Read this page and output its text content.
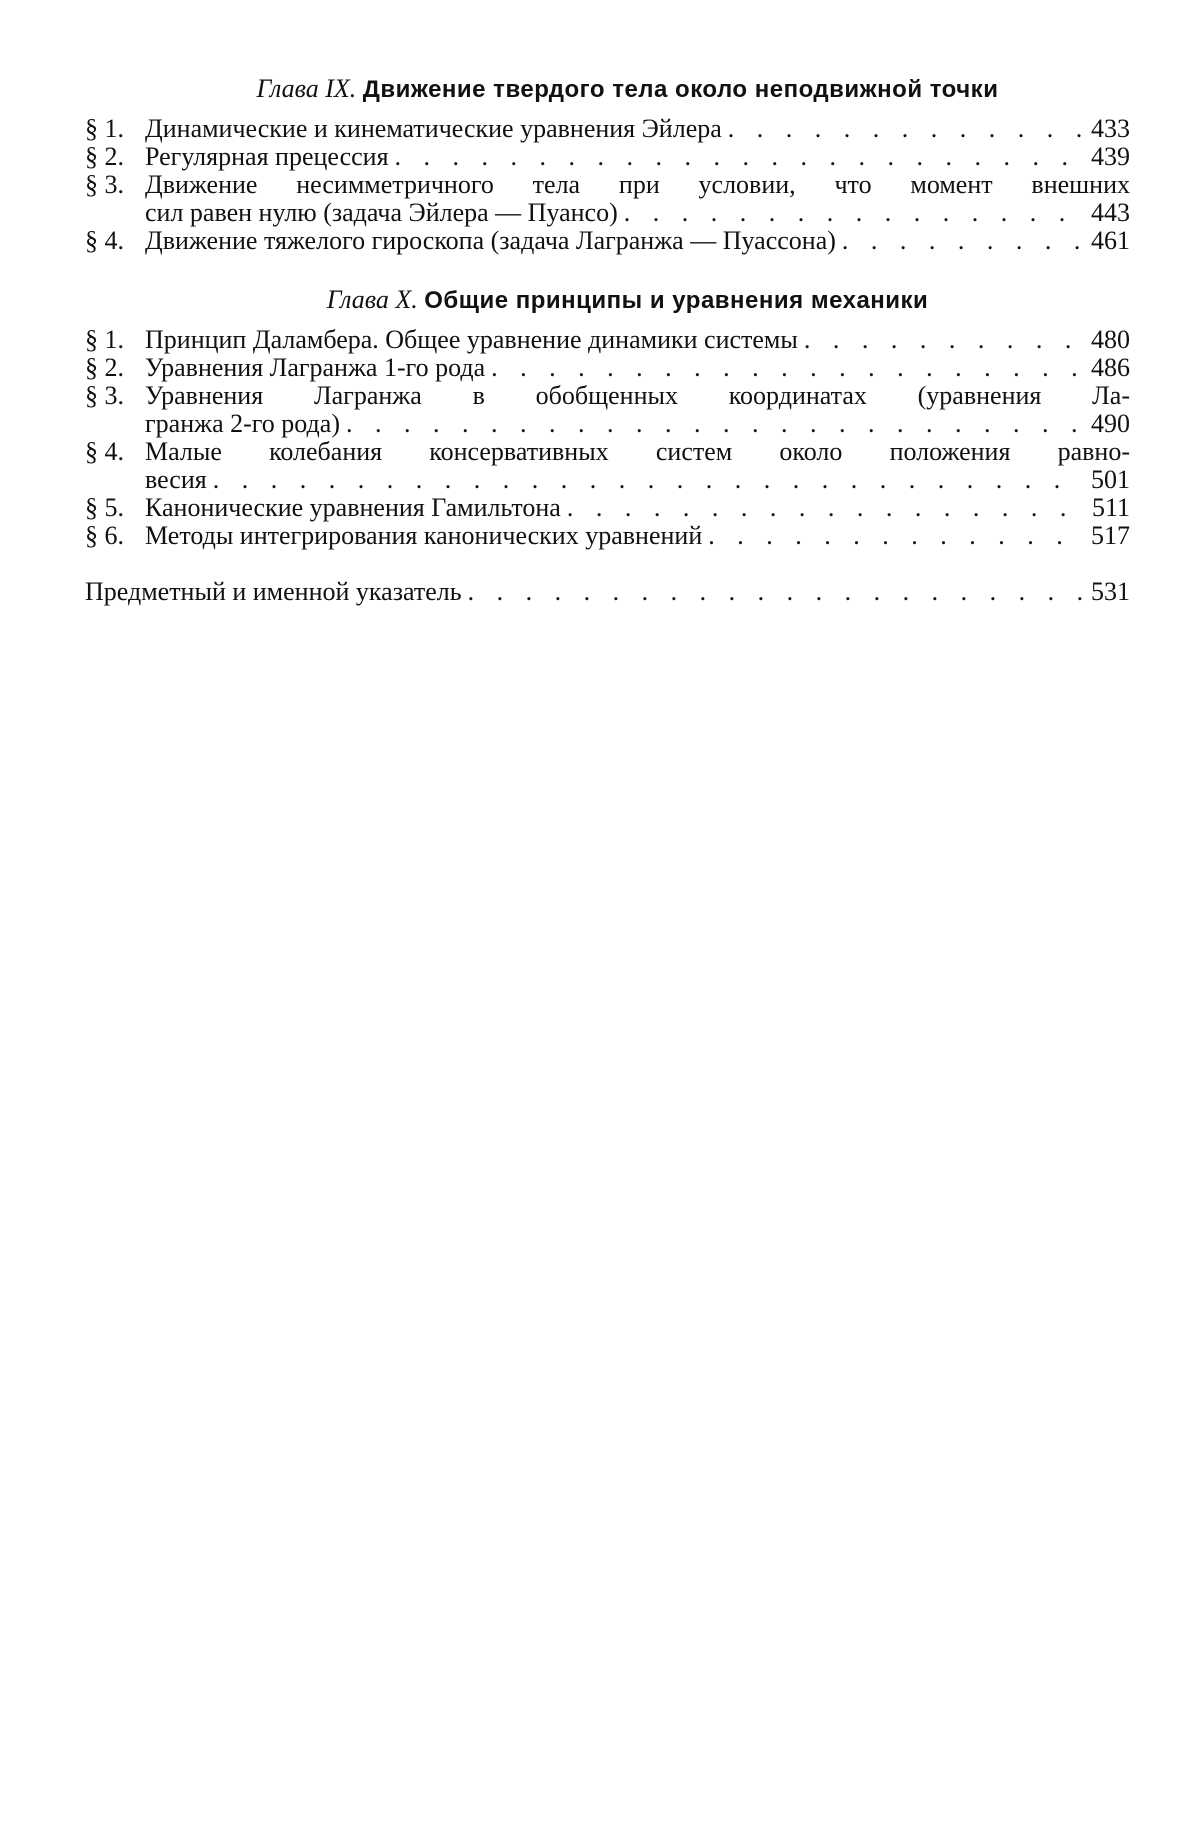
Глава IX. Движение твердого тела около неподвижной точки
§ 1. Динамические и кинематические уравнения Эйлера . . .	433
§ 2. Регулярная прецессия . . .	439
§ 3. Движение несимметричного тела при условии, что момент внешних
сил равен нулю (задача Эйлера — Пуансо) . . .	443
§ 4. Движение тяжелого гироскопа (задача Лагранжа — Пуассона) . . .	461
Глава X. Общие принципы и уравнения механики
§ 1. Принцип Даламбера. Общее уравнение динамики системы . . .	480
§ 2. Уравнения Лагранжа 1-го рода . . .	486
§ 3. Уравнения Лагранжа в обобщенных координатах (уравнения Ла-
гранжа 2-го рода) . . .	490
§ 4. Малые колебания консервативных систем около положения равно-
весия . . .	501
§ 5. Канонические уравнения Гамильтона . . .	511
§ 6. Методы интегрирования канонических уравнений . . .	517
Предметный и именной указатель . . .	531
